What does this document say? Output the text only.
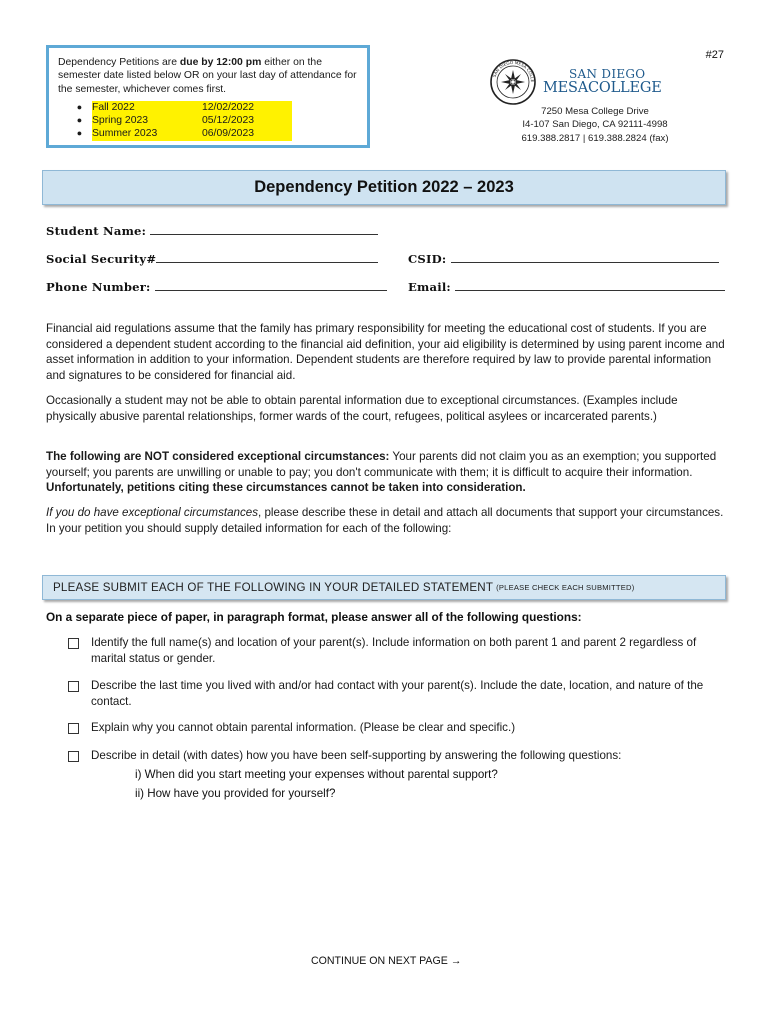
Dependency Petitions are due by 12:00 pm either on the semester date listed below OR on your last day of attendance for the semester, whichever comes first.
● Fall 2022	12/02/2022
● Spring 2023	05/12/2023
● Summer 2023	06/09/2023
#27
SAN DIEGO MESA COLLE	SAN DIEGO
MESACOLLEGE
7250 Mesa College Drive
I4-107 San Diego, CA 92111-4998
619.388.2817 | 619.388.2824 (fax)
Dependency Petition 2022 – 2023
Student Name:
Social Security#	CSID:
Phone Number:	Email:
Financial aid regulations assume that the family has primary responsibility for meeting the educational cost of students. If you are considered a dependent student according to the financial aid definition, your aid eligibility is determined by using parent income and asset information in addition to your information. Dependent students are therefore required by law to provide parental information and signatures to be considered for financial aid.
Occasionally a student may not be able to obtain parental information due to exceptional circumstances. (Examples include physically abusive parental relationships, former wards of the court, refugees, political asylees or incarcerated parents.)
The following are NOT considered exceptional circumstances: Your parents did not claim you as an exemption; you supported yourself; you parents are unwilling or unable to pay; you don't communicate with them; it is difficult to acquire their information. Unfortunately, petitions citing these circumstances cannot be taken into consideration.
If you do have exceptional circumstances, please describe these in detail and attach all documents that support your circumstances. In your petition you should supply detailed information for each of the following:
PLEASE SUBMIT EACH OF THE FOLLOWING IN YOUR DETAILED STATEMENT (PLEASE CHECK EACH SUBMITTED)
On a separate piece of paper, in paragraph format, please answer all of the following questions:
Identify the full name(s) and location of your parent(s). Include information on both parent 1 and parent 2 regardless of marital status or gender.
Describe the last time you lived with and/or had contact with your parent(s). Include the date, location, and nature of the contact.
Explain why you cannot obtain parental information. (Please be clear and specific.)
Describe in detail (with dates) how you have been self-supporting by answering the following questions:
i) When did you start meeting your expenses without parental support?
ii) How have you provided for yourself?
CONTINUE ON NEXT PAGE →
